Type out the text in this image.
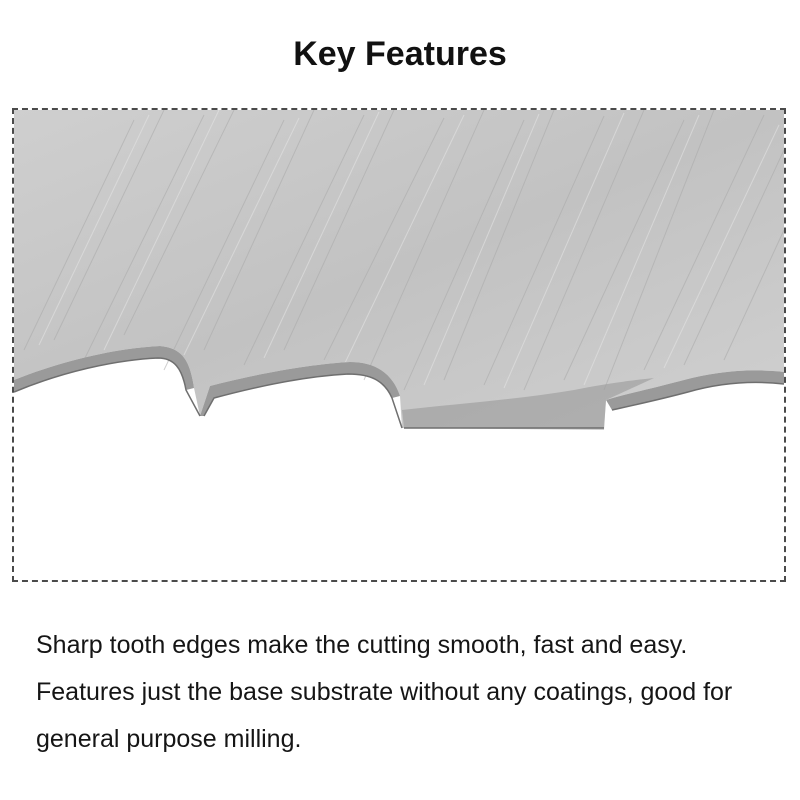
Key Features

Sharp tooth edges make the cutting smooth, fast and easy.

Features just the base substrate without any coatings, good for general purpose milling.
